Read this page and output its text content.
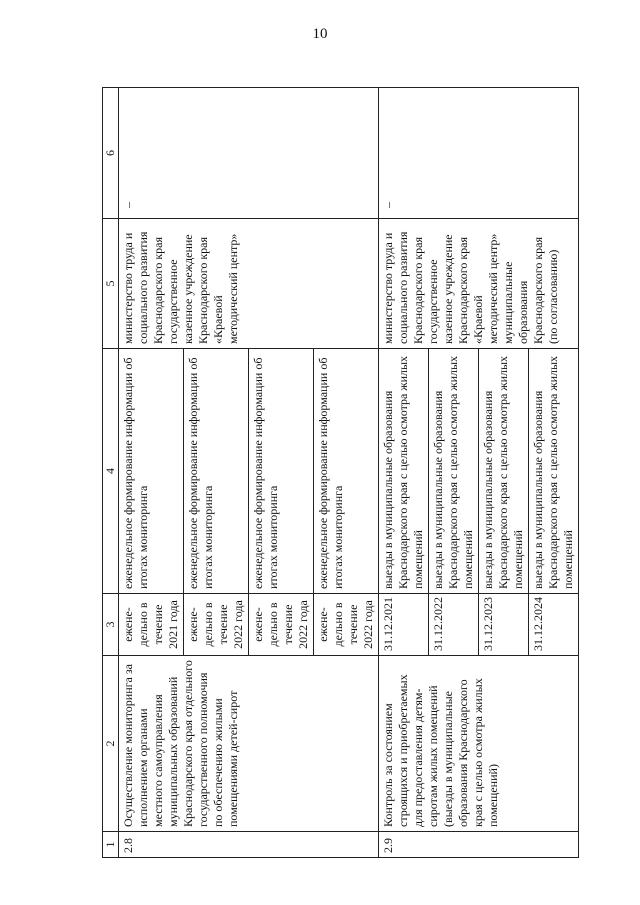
10
1	2	3	4	5	6
2.8	Осуществление мониторинга за исполнением органами местного самоуправления муниципальных образований Краснодарского края отдельного государственного полномочия по обеспечению жилыми помещениями детей-сирот	ежене-дельно в течение 2021 года	еженедельное формирование информации об итогах мониторинга	министерство труда и социального развития Краснодарского края государственное казенное учреждение Краснодарского края «Краевой методический центр»	–

		ежене-дельно в течение 2022 года	еженедельное формирование информации об итогах мониторинга		
		ежене-дельно в течение 2022 года	еженедельное формирование информации об итогах мониторинга		
		ежене-дельно в течение 2022 года	еженедельное формирование информации об итогах мониторинга		
2.9	Контроль за состоянием строящихся и приобретаемых для предоставления детям-сиротам жилых помещений (выезды в муниципальные образования Краснодарского края с целью осмотра жилых помещений)	31.12.2021	выезды в муниципальные образования Краснодарского края с целью осмотра жилых помещений	министерство труда и социального развития Краснодарского края государственное казенное учреждение Краснодарского края «Краевой методический центр» муниципальные образования Краснодарского края (по согласованию)	–

		31.12.2022	выезды в муниципальные образования Краснодарского края с целью осмотра жилых помещений		
		31.12.2023	выезды в муниципальные образования Краснодарского края с целью осмотра жилых помещений		
		31.12.2024	выезды в муниципальные образования Краснодарского края с целью осмотра жилых помещений		
